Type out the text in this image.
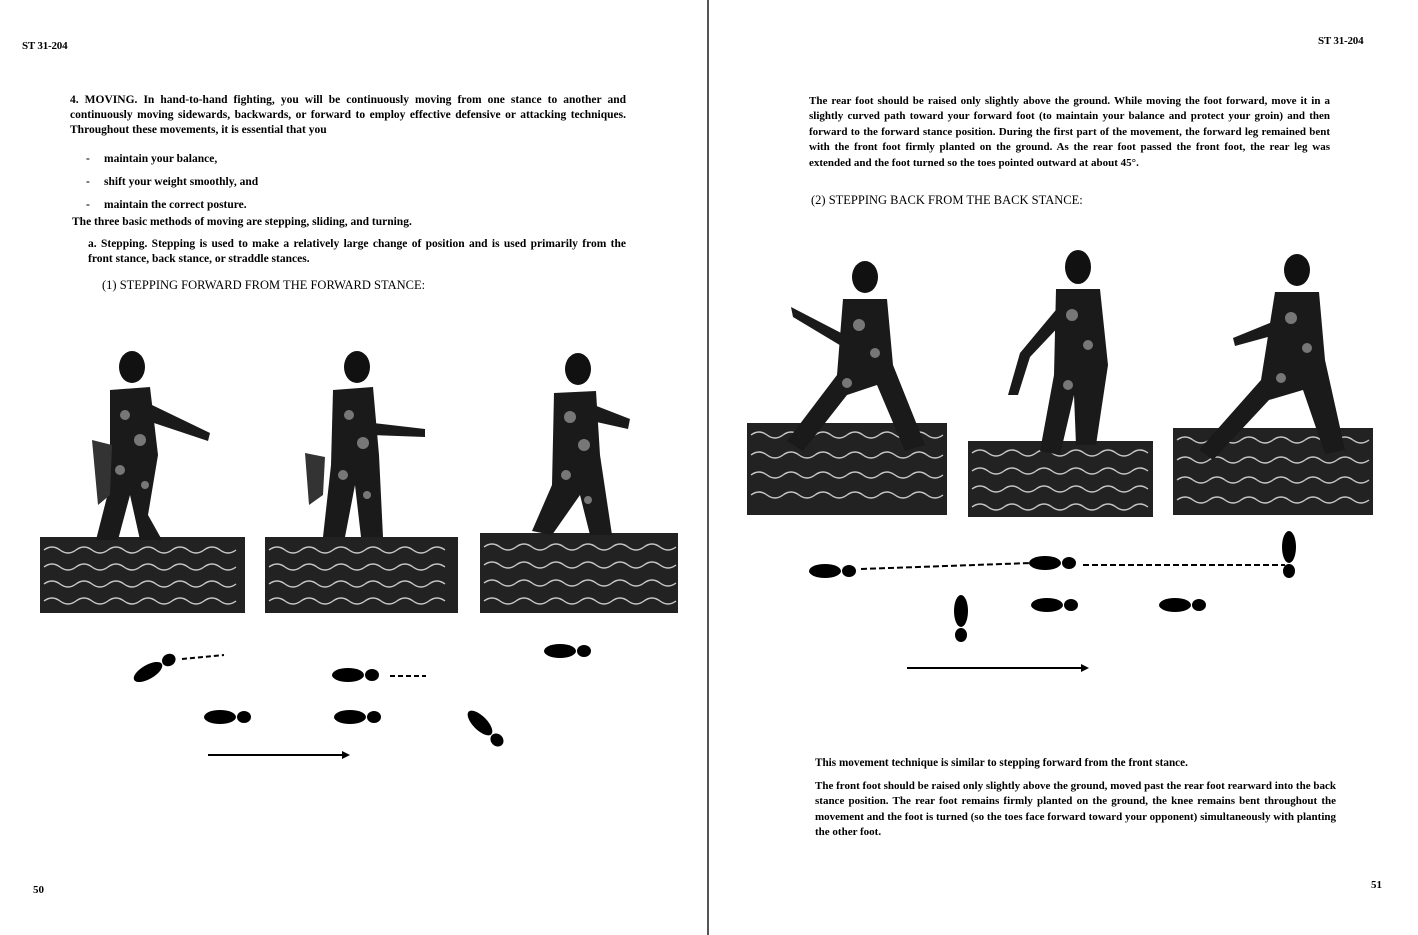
ST 31-204

4. MOVING. In hand-to-hand fighting, you will be continuously moving from one stance to another and continuously moving sidewards, backwards, or forward to employ effective defensive or attacking techniques. Throughout these movements, it is essential that you

- maintain your balance,
- shift your weight smoothly, and
- maintain the correct posture.
The three basic methods of moving are stepping, sliding, and turning.
a. Stepping. Stepping is used to make a relatively large change of position and is used primarily from the front stance, back stance, or straddle stances.
(1) STEPPING FORWARD FROM THE FORWARD STANCE:
50
ST 31-204
The rear foot should be raised only slightly above the ground. While moving the foot forward, move it in a slightly curved path toward your forward foot (to maintain your balance and protect your groin) and then forward to the forward stance position. During the first part of the movement, the forward leg remained bent with the front foot firmly planted on the ground. As the rear foot passed the front foot, the rear leg was extended and the foot turned so the toes pointed outward at about 45°.
(2) STEPPING BACK FROM THE BACK STANCE:
This movement technique is similar to stepping forward from the front stance.
The front foot should be raised only slightly above the ground, moved past the rear foot rearward into the back stance position. The rear foot remains firmly planted on the ground, the knee remains bent throughout the movement and the foot is turned (so the toes face forward toward your opponent) simultaneously with planting the other foot.
51
